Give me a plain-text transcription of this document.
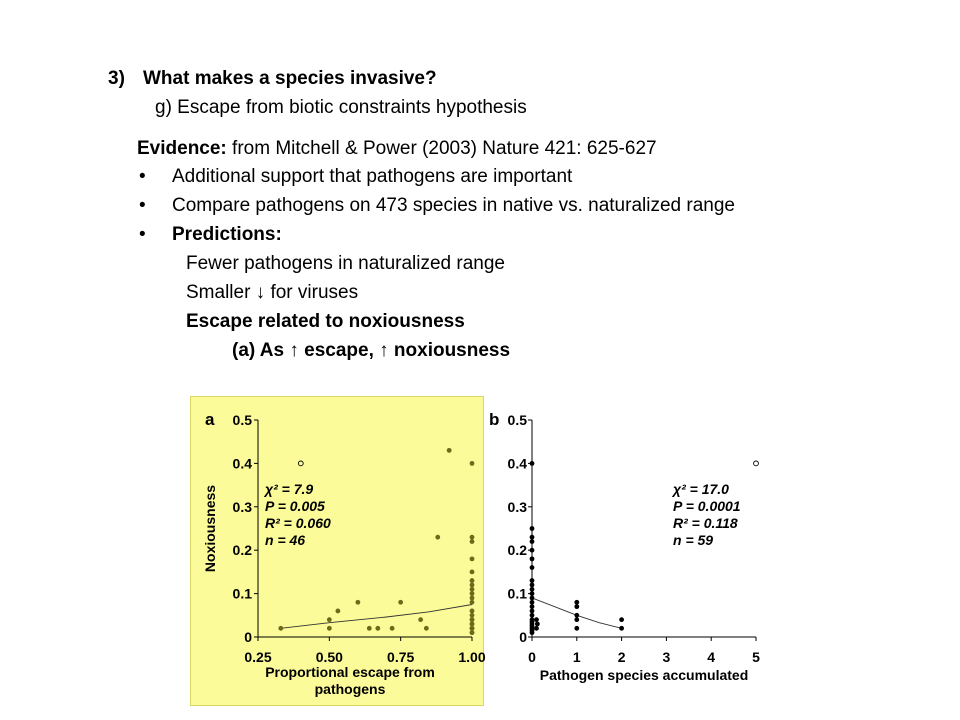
3) What makes a species invasive?
g) Escape from biotic constraints hypothesis
Evidence: from Mitchell & Power (2003) Nature 421: 625-627
• Additional support that pathogens are important
• Compare pathogens on 473 species in native vs. naturalized range
• Predictions:
Fewer pathogens in naturalized range
Smaller ↓ for viruses
Escape related to noxiousness
(a) As ↑ escape, ↑ noxiousness
0
0.1
0.2
0.3
0.4
0.5
0.25	0.50	0.75	1.00
a
Noxiousness
Proportional escape from pathogens
χ² = 7.9
P = 0.005
R² = 0.060
n = 46
0
0.1
0.2
0.3
0.4
0.5
0	1	2	3	4	5
b
Pathogen species accumulated
χ² = 17.0
P = 0.0001
R² = 0.118
n = 59
